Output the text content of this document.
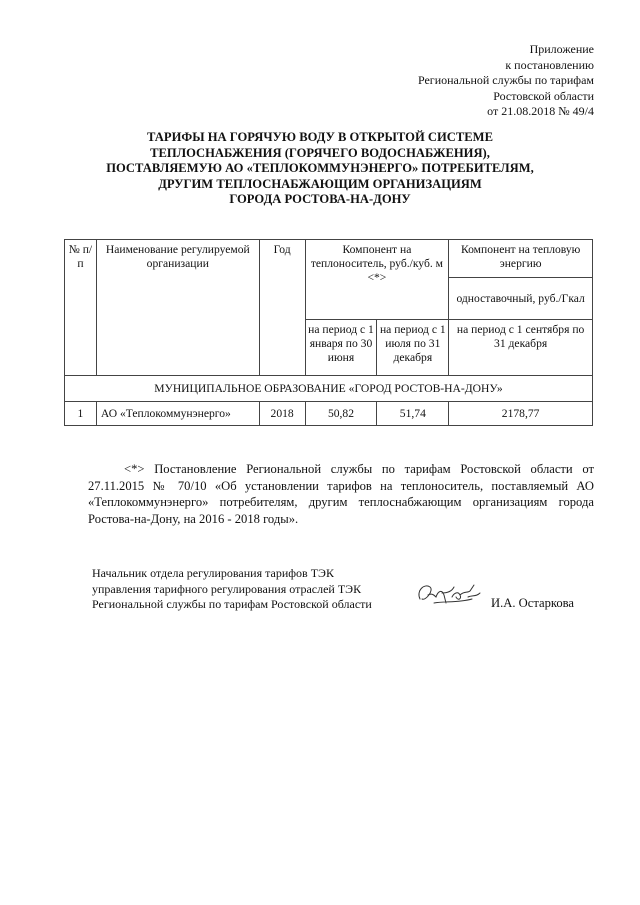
Приложение
к постановлению
Региональной службы по тарифам
Ростовской области
от 21.08.2018 № 49/4
ТАРИФЫ НА ГОРЯЧУЮ ВОДУ В ОТКРЫТОЙ СИСТЕМЕ
ТЕПЛОСНАБЖЕНИЯ (ГОРЯЧЕГО ВОДОСНАБЖЕНИЯ),
ПОСТАВЛЯЕМУЮ АО «ТЕПЛОКОММУНЭНЕРГО» ПОТРЕБИТЕЛЯМ,
ДРУГИМ ТЕПЛОСНАБЖАЮЩИМ ОРГАНИЗАЦИЯМ
ГОРОДА РОСТОВА-НА-ДОНУ
№ п/п	Наименование регулируемой организации	Год	Компонент на теплоноситель, руб./куб. м <*>		Компонент на тепловую энергию
					одноставочный, руб./Гкал
			на период с 1 января по 30 июня	на период с 1 июля по 31 декабря	на период с 1 сентября по 31 декабря
МУНИЦИПАЛЬНОЕ ОБРАЗОВАНИЕ «ГОРОД РОСТОВ-НА-ДОНУ»					
1	АО «Теплокоммунэнерго»	2018	50,82	51,74	2178,77
<*> Постановление Региональной службы по тарифам Ростовской области от 27.11.2015 № 70/10 «Об установлении тарифов на теплоноситель, поставляемый АО «Теплокоммунэнерго» потребителям, другим теплоснабжающим организациям города Ростова-на-Дону, на 2016 - 2018 годы».
Начальник отдела регулирования тарифов ТЭК
управления тарифного регулирования отраслей ТЭК
Региональной службы по тарифам Ростовской области	И.А. Остаркова
